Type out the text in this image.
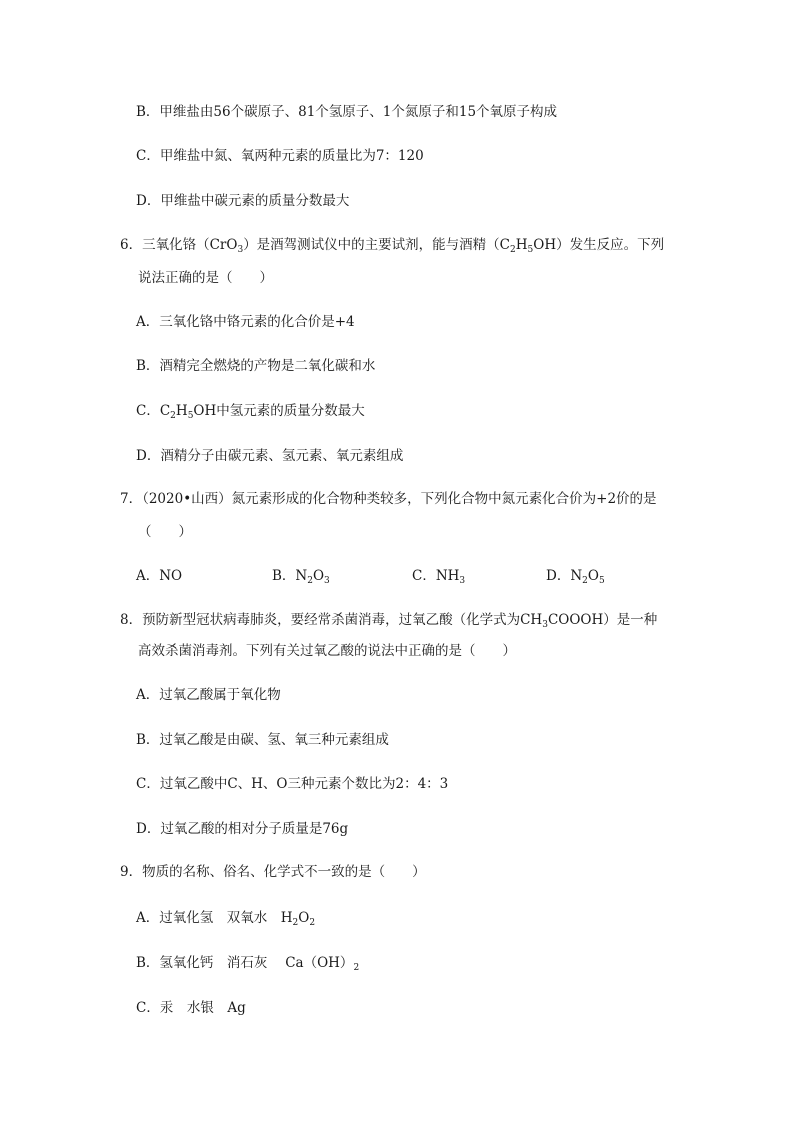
B．甲维盐由56个碳原子、81个氢原子、1个氮原子和15个氧原子构成
C．甲维盐中氮、氧两种元素的质量比为7：120
D．甲维盐中碳元素的质量分数最大
6．三氧化铬（CrO$_3$）是酒驾测试仪中的主要试剂，能与酒精$(C_2H_5OH)$发生反应。下列
说法正确的是（　　）
A．三氧化铬中铬元素的化合价是+4
B．酒精完全燃烧的产物是二氧化碳和水
C．$C_2H_5OH$中氢元素的质量分数最大
D．酒精分子由碳元素、氢元素、氧元素组成
7．（2020•山西）氮元素形成的化合物种类较多，下列化合物中氮元素化合价为+2价的是
（　　）
A．NO	B．$N_2O_3$	C．$NH_3$	D．$N_2O_5$
8．预防新型冠状病毒肺炎，要经常杀菌消毒，过氧乙酸（化学式为$CH_3COOOH$）是一种
高效杀菌消毒剂。下列有关过氧乙酸的说法中正确的是（　　）
A．过氧乙酸属于氧化物
B．过氧乙酸是由碳、氢、氧三种元素组成
C．过氧乙酸中C、H、O三种元素个数比为2：4：3
D．过氧乙酸的相对分子质量是76g
9．物质的名称、俗名、化学式不一致的是（　　）
A．过氧化氢　双氧水　$H_2O_2$
B．氢氧化钙　消石灰　 $Ca(OH)_2$
C．汞　水银　Ag
